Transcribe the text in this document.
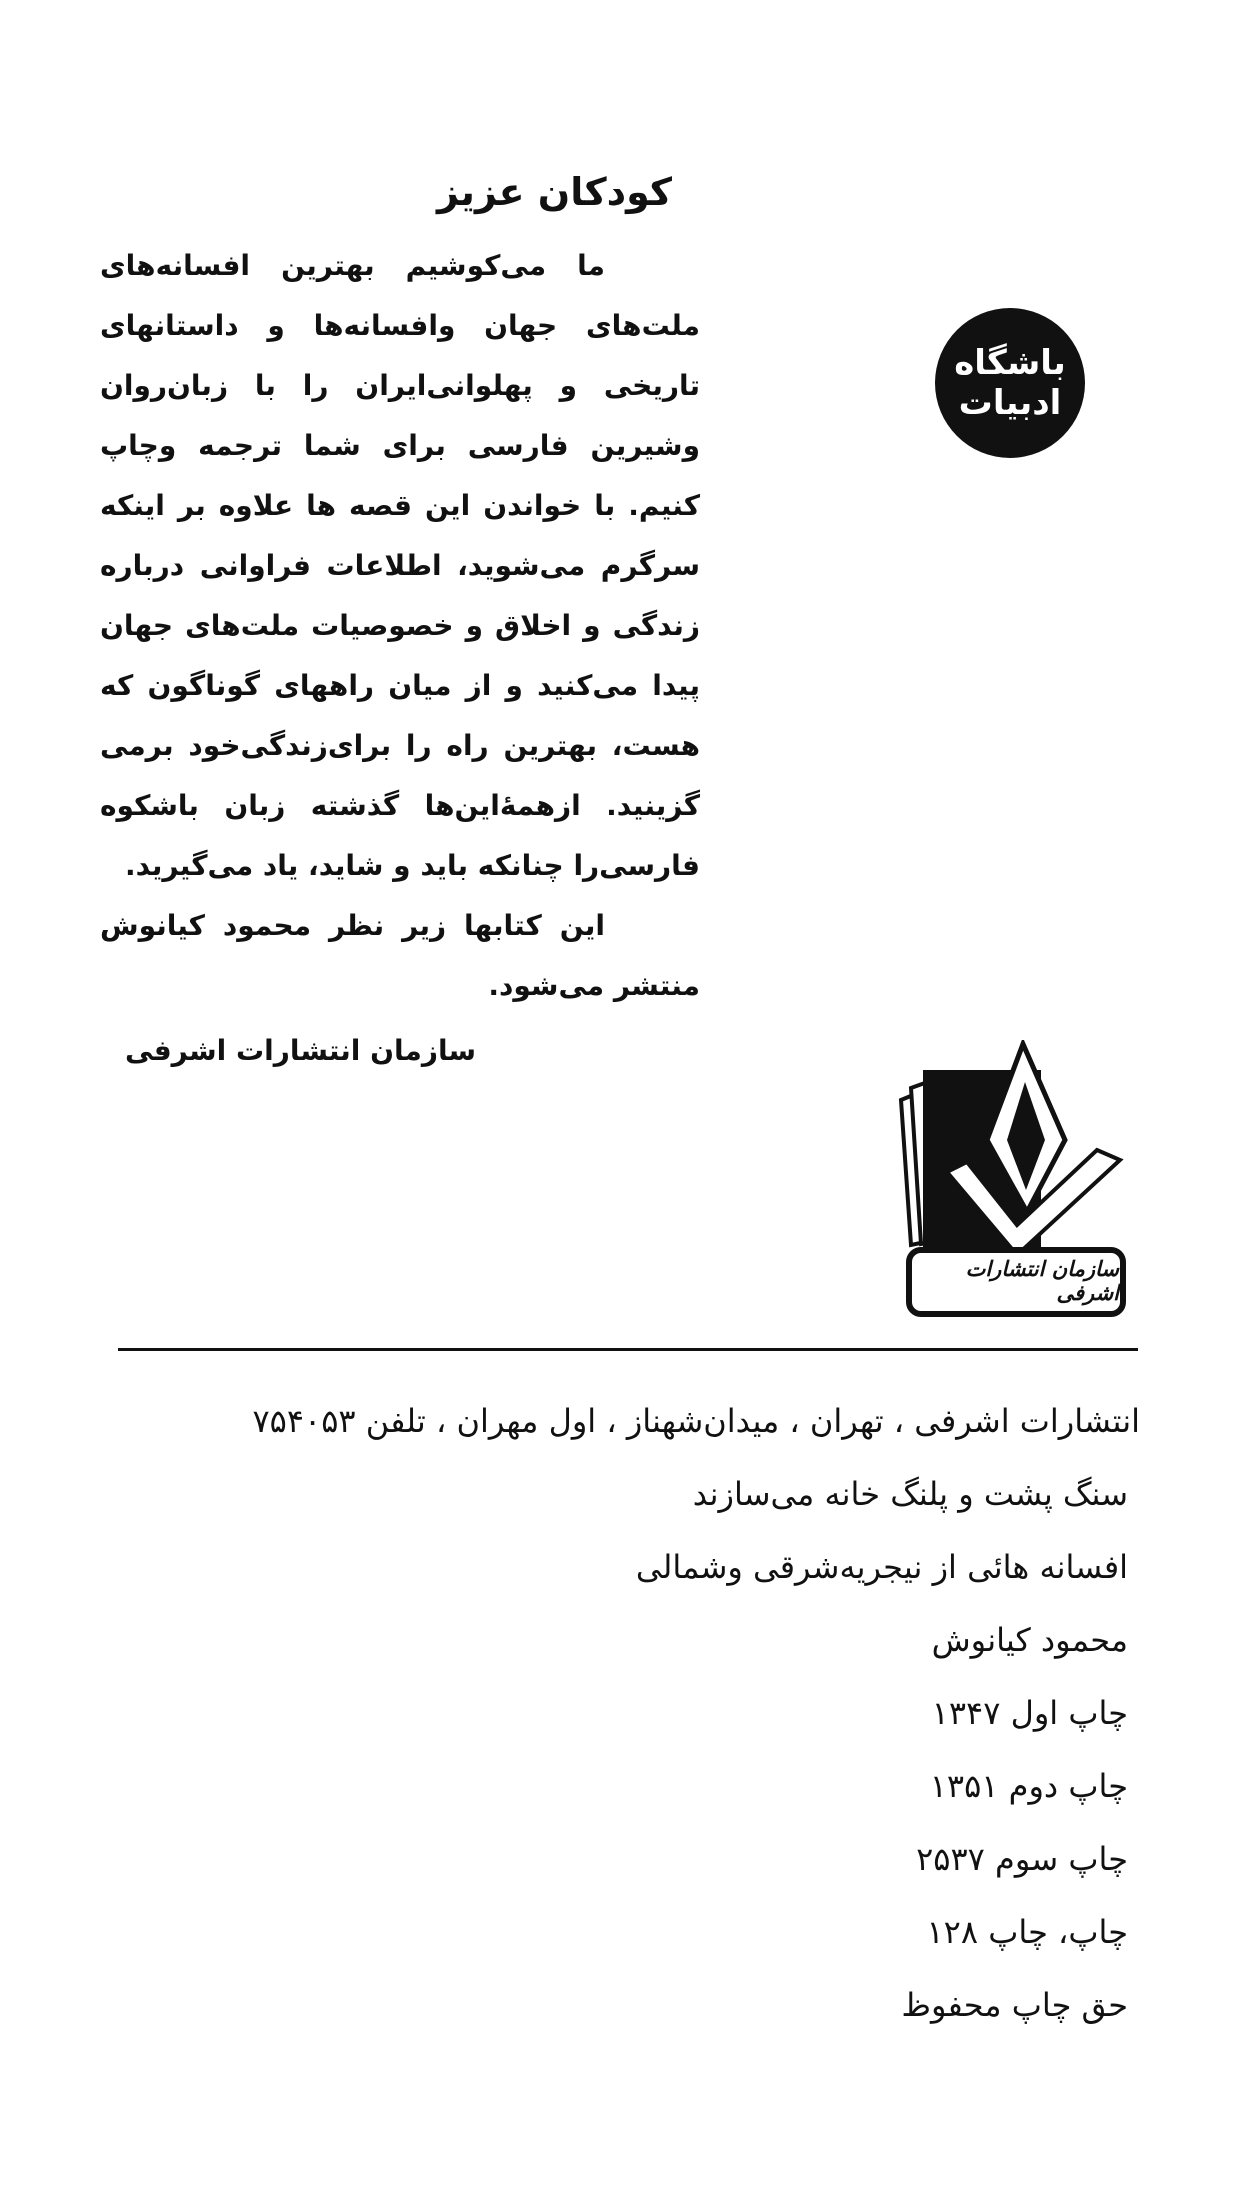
کودکان عزیز

ما می‌کوشیم بهترین افسانه‌های ملت‌های جهان وافسانه‌ها و داستانهای تاریخی و پهلوانی‌ایران را با زبان‌روان وشیرین فارسی برای شما ترجمه و‌چاپ کنیم. با خواندن این قصه ها علاوه بر اینکه سرگرم می‌شوید، اطلاعات فراوانی درباره‌ زندگی و اخلاق و خصوصیات ملت‌های جهان پیدا می‌کنید و از میان راههای گوناگون که هست، بهترین راه را برای‌زندگی‌خود برمی گزینید. ازهمهٔ‌این‌ها گذشته زبان باشکوه فارسی‌را چنانکه باید و شاید، یاد می‌گیرید.

این کتابها زیر نظر محمود کیانوش منتشر می‌شود.

سازمان انتشارات اشرفی
باشگاه
ادبیات
سازمان انتشارات اشرفی
انتشارات اشرفی ، تهران ، میدان‌شهناز ، اول مهران ، تلفن ۷۵۴۰۵۳
سنگ پشت و پلنگ خانه می‌سازند
افسانه هائی از نیجریه‌شرقی وشمالی
محمود کیانوش
چاپ اول ۱۳۴۷
چاپ دوم ۱۳۵۱
چاپ سوم ۲۵۳۷
چاپ، چاپ ۱۲۸
حق چاپ محفوظ
